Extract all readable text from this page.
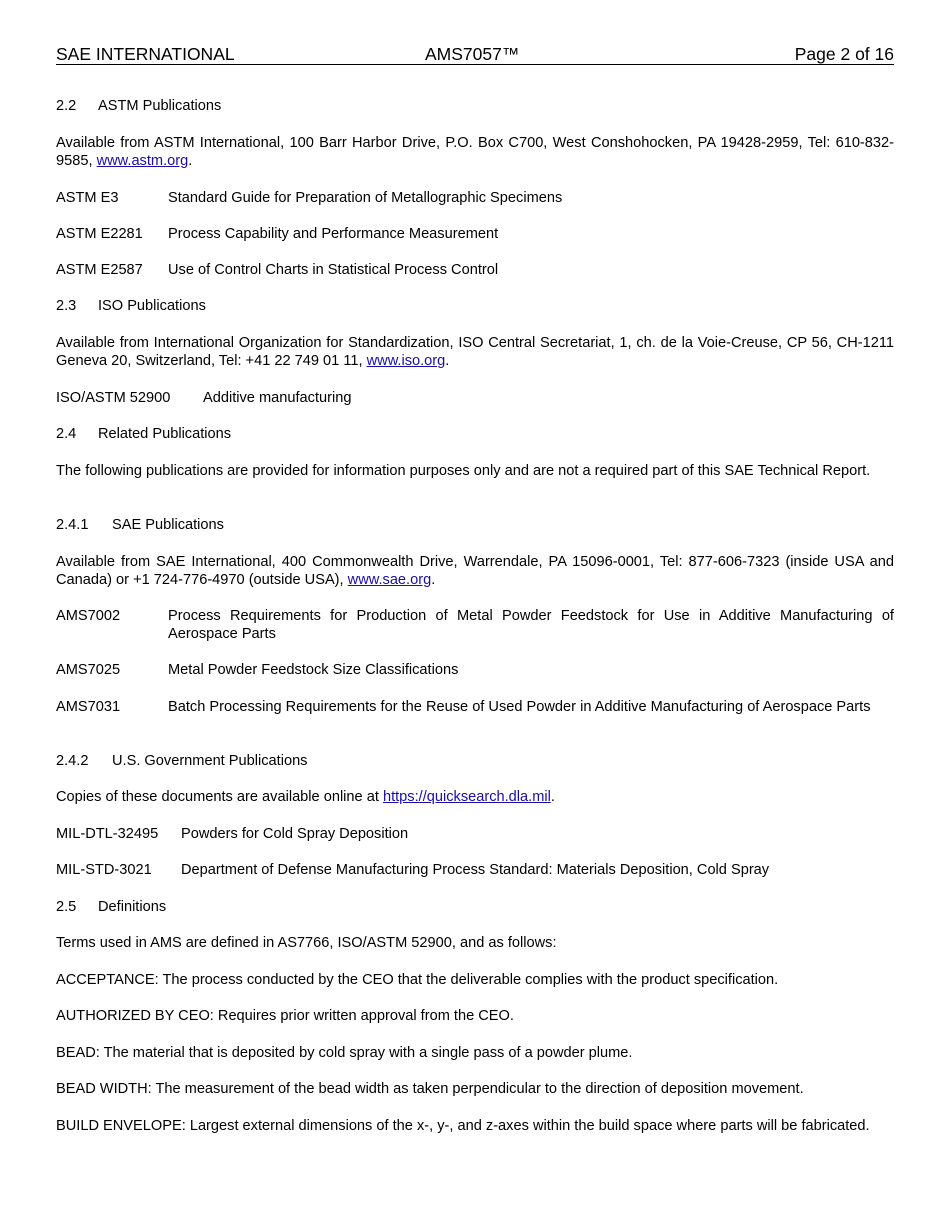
SAE INTERNATIONAL	AMS7057™	Page 2 of 16
2.2 ASTM Publications
Available from ASTM International, 100 Barr Harbor Drive, P.O. Box C700, West Conshohocken, PA 19428-2959, Tel: 610-832-9585, www.astm.org.
ASTM E3	Standard Guide for Preparation of Metallographic Specimens
ASTM E2281 Process Capability and Performance Measurement
ASTM E2587 Use of Control Charts in Statistical Process Control
2.3 ISO Publications
Available from International Organization for Standardization, ISO Central Secretariat, 1, ch. de la Voie-Creuse, CP 56, CH-1211 Geneva 20, Switzerland, Tel: +41 22 749 01 11, www.iso.org.
ISO/ASTM 52900 Additive manufacturing
2.4 Related Publications
The following publications are provided for information purposes only and are not a required part of this SAE Technical Report.
2.4.1 SAE Publications
Available from SAE International, 400 Commonwealth Drive, Warrendale, PA 15096-0001, Tel: 877-606-7323 (inside USA and Canada) or +1 724-776-4970 (outside USA), www.sae.org.
AMS7002	Process Requirements for Production of Metal Powder Feedstock for Use in Additive Manufacturing of Aerospace Parts
AMS7025	Metal Powder Feedstock Size Classifications
AMS7031	Batch Processing Requirements for the Reuse of Used Powder in Additive Manufacturing of Aerospace Parts
2.4.2 U.S. Government Publications
Copies of these documents are available online at https://quicksearch.dla.mil.
MIL-DTL-32495 Powders for Cold Spray Deposition
MIL-STD-3021 Department of Defense Manufacturing Process Standard: Materials Deposition, Cold Spray
2.5 Definitions
Terms used in AMS are defined in AS7766, ISO/ASTM 52900, and as follows:
ACCEPTANCE: The process conducted by the CEO that the deliverable complies with the product specification.
AUTHORIZED BY CEO: Requires prior written approval from the CEO.
BEAD: The material that is deposited by cold spray with a single pass of a powder plume.
BEAD WIDTH: The measurement of the bead width as taken perpendicular to the direction of deposition movement.
BUILD ENVELOPE: Largest external dimensions of the x-, y-, and z-axes within the build space where parts will be fabricated.
